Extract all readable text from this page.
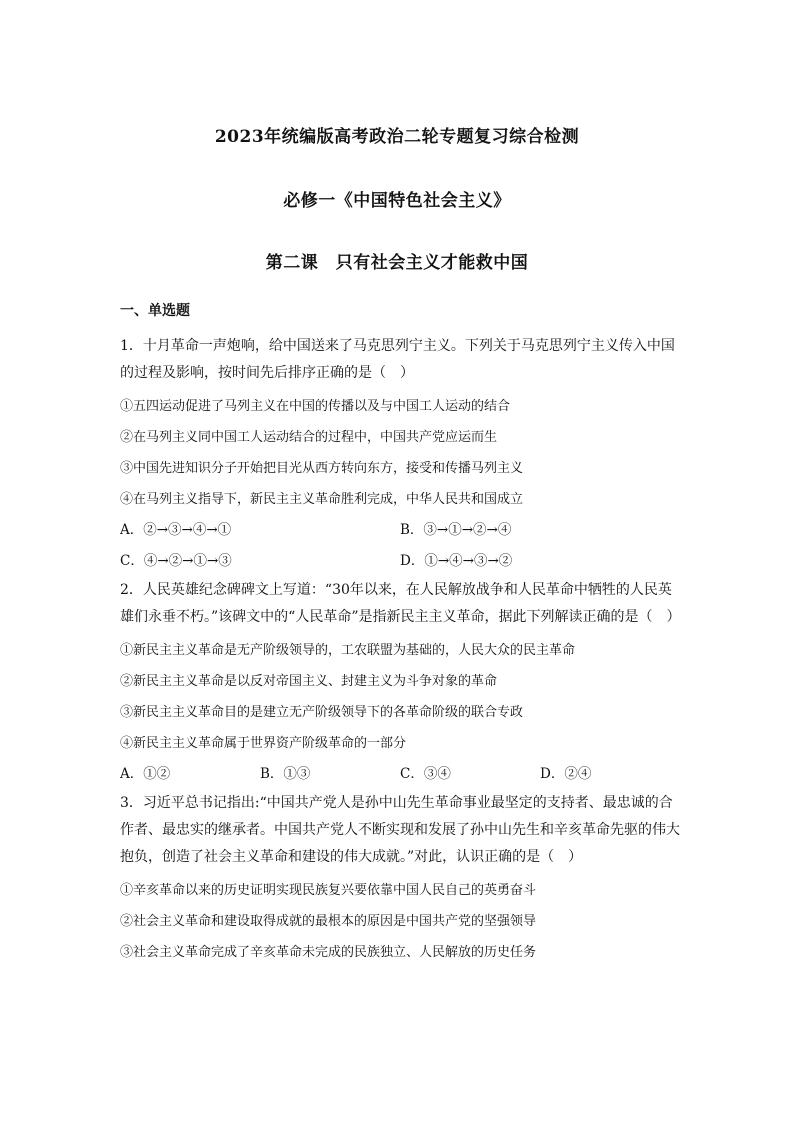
2023年统编版高考政治二轮专题复习综合检测
必修一《中国特色社会主义》
第二课　只有社会主义才能救中国
一、单选题

1．十月革命一声炮响，给中国送来了马克思列宁主义。下列关于马克思列宁主义传入中国的过程及影响，按时间先后排序正确的是（　）

①五四运动促进了马列主义在中国的传播以及与中国工人运动的结合
②在马列主义同中国工人运动结合的过程中，中国共产党应运而生
③中国先进知识分子开始把目光从西方转向东方，接受和传播马列主义
④在马列主义指导下，新民主主义革命胜利完成，中华人民共和国成立
A．②→③→④→①	B．③→①→②→④
C．④→②→①→③	D．①→④→③→②

2．人民英雄纪念碑碑文上写道：“30年以来，在人民解放战争和人民革命中牺牲的人民英雄们永垂不朽。”该碑文中的“人民革命”是指新民主主义革命，据此下列解读正确的是（　）

①新民主主义革命是无产阶级领导的，工农联盟为基础的，人民大众的民主革命
②新民主主义革命是以反对帝国主义、封建主义为斗争对象的革命
③新民主主义革命目的是建立无产阶级领导下的各革命阶级的联合专政
④新民主主义革命属于世界资产阶级革命的一部分
A．①②	B．①③	C．③④	D．②④

3．习近平总书记指出:“中国共产党人是孙中山先生革命事业最坚定的支持者、最忠诚的合作者、最忠实的继承者。中国共产党人不断实现和发展了孙中山先生和辛亥革命先驱的伟大抱负，创造了社会主义革命和建设的伟大成就。”对此，认识正确的是（　）

①辛亥革命以来的历史证明实现民族复兴要依靠中国人民自己的英勇奋斗
②社会主义革命和建设取得成就的最根本的原因是中国共产党的坚强领导
③社会主义革命完成了辛亥革命未完成的民族独立、人民解放的历史任务
